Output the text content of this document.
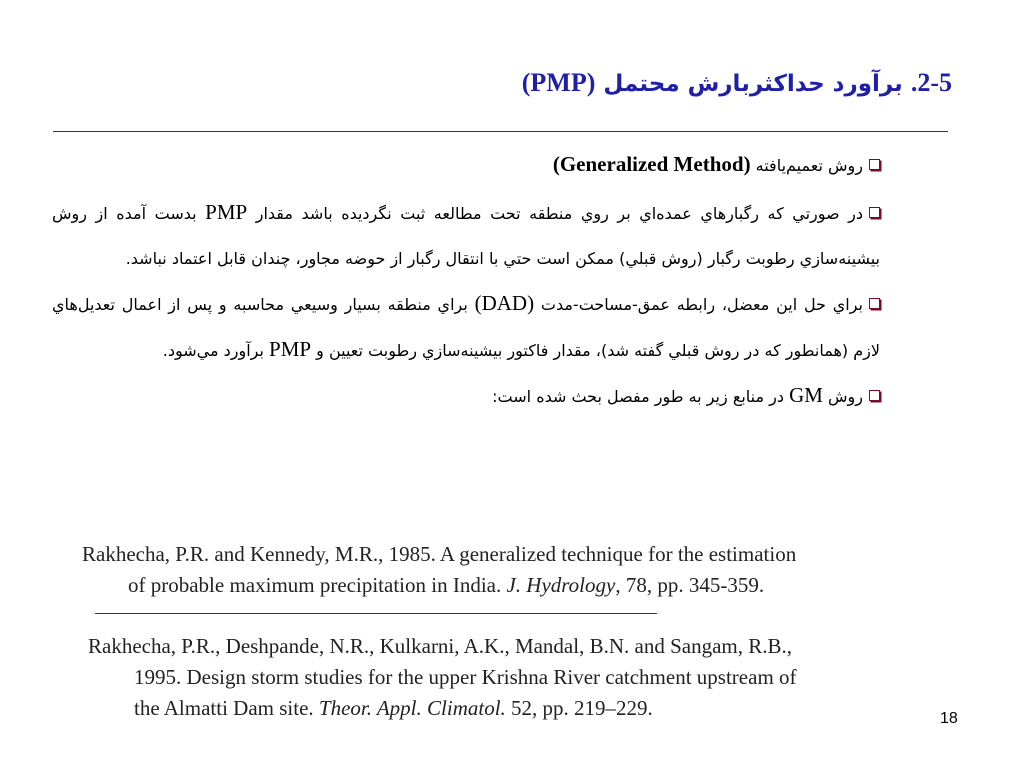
2-5. برآورد حداکثربارش محتمل (PMP)
روش تعميم‌يافته (Generalized Method)

در صورتي كه رگبارهاي عمده‌اي بر روي منطقه تحت مطالعه ثبت نگرديده باشد مقدار PMP بدست آمده از روش بيشينه‌سازي رطوبت رگبار (روش قبلي) ممكن است حتي با انتقال رگبار از حوضه مجاور، چندان قابل اعتماد نباشد.

براي حل اين معضل، رابطه عمق-مساحت-مدت (DAD) براي منطقه بسيار وسيعي محاسبه و پس از اعمال تعديل‌هاي لازم (همانطور كه در روش قبلي گفته شد)، مقدار فاكتور بيشينه‌سازي رطوبت تعيين و PMP برآورد مي‌شود.

روش GM در منابع زير به طور مفصل بحث شده است:

Rakhecha, P.R. and Kennedy, M.R., 1985. A generalized technique for the estimation
of probable maximum precipitation in India. J. Hydrology, 78, pp. 345-359.
Rakhecha, P.R., Deshpande, N.R., Kulkarni, A.K., Mandal, B.N. and Sangam, R.B.,
1995. Design storm studies for the upper Krishna River catchment upstream of
the Almatti Dam site. Theor. Appl. Climatol. 52, pp. 219–229.	18
